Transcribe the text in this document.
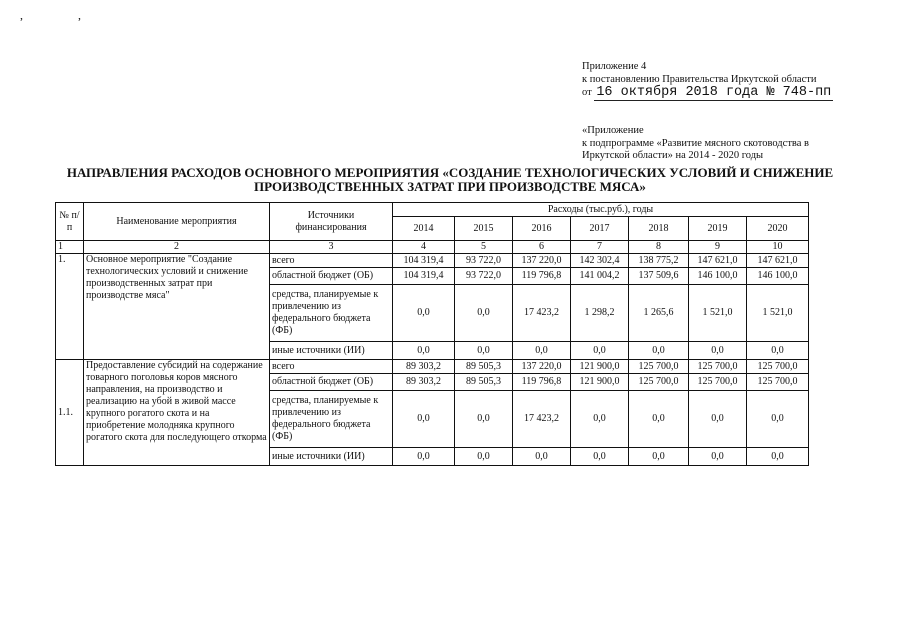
, ,
Приложение 4
к постановлению Правительства Иркутской области
от 16 октября 2018 года № 748-пп
«Приложение
к подпрограмме «Развитие мясного скотоводства в
Иркутской области» на 2014 - 2020 годы
НАПРАВЛЕНИЯ РАСХОДОВ ОСНОВНОГО МЕРОПРИЯТИЯ «СОЗДАНИЕ ТЕХНОЛОГИЧЕСКИХ УСЛОВИЙ И СНИЖЕНИЕ
ПРОИЗВОДСТВЕННЫХ ЗАТРАТ ПРИ ПРОИЗВОДСТВЕ МЯСА»
№ п/п	Наименование мероприятия	Источники финансирования	Расходы (тыс.руб.), годы						
			2014	2015	2016	2017	2018	2019	2020
1	2	3	4	5	6	7	8	9	10
1.	Основное мероприятие "Создание технологических условий и снижение производственных затрат при производстве мяса"	всего	104 319,4	93 722,0	137 220,0	142 302,4	138 775,2	147 621,0	147 621,0
		областной бюджет (ОБ)	104 319,4	93 722,0	119 796,8	141 004,2	137 509,6	146 100,0	146 100,0
		средства, планируемые к привлечению из федерального бюджета (ФБ)	0,0	0,0	17 423,2	1 298,2	1 265,6	1 521,0	1 521,0
		иные источники (ИИ)	0,0	0,0	0,0	0,0	0,0	0,0	0,0
1.1.	Предоставление субсидий на содержание товарного поголовья коров мясного направления, на производство и реализацию на убой в живой массе крупного рогатого скота и на приобретение молодняка крупного рогатого скота для последующего откорма	всего	89 303,2	89 505,3	137 220,0	121 900,0	125 700,0	125 700,0	125 700,0
		областной бюджет (ОБ)	89 303,2	89 505,3	119 796,8	121 900,0	125 700,0	125 700,0	125 700,0
		средства, планируемые к привлечению из федерального бюджета (ФБ)	0,0	0,0	17 423,2	0,0	0,0	0,0	0,0
		иные источники (ИИ)	0,0	0,0	0,0	0,0	0,0	0,0	0,0
